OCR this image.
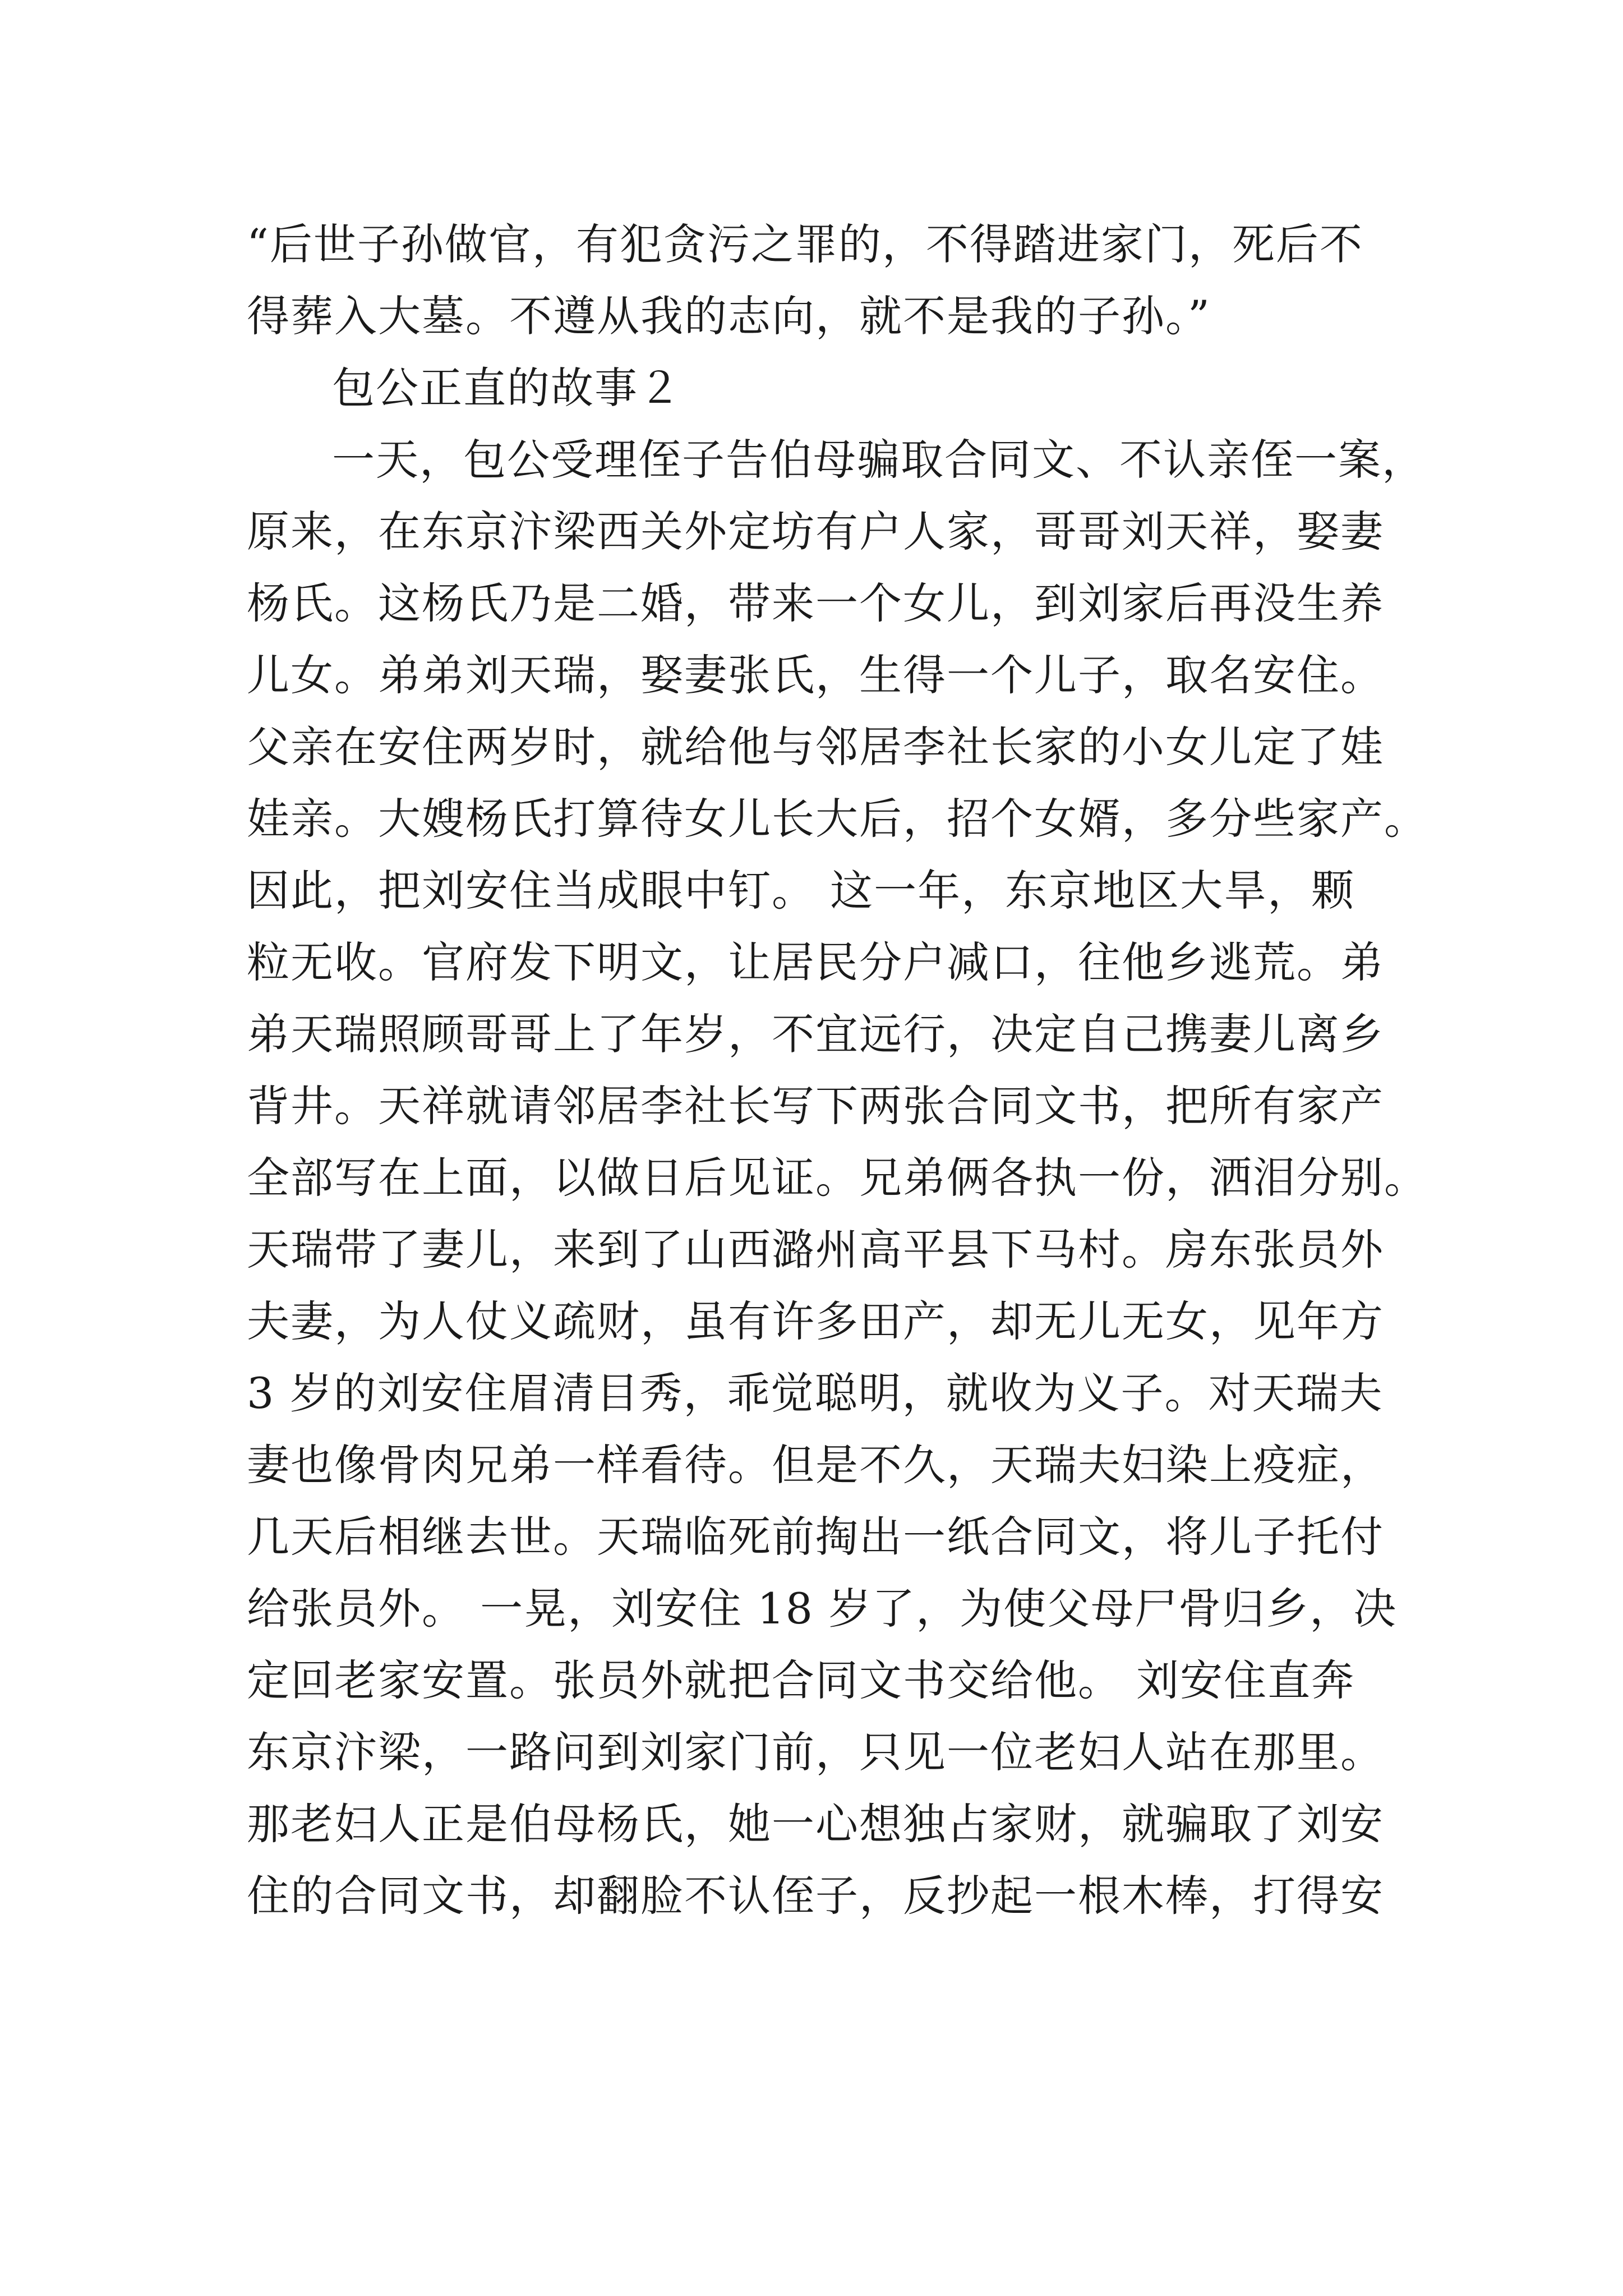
“后世子孙做官，有犯贪污之罪的，不得踏进家门，死后不
得葬入大墓。不遵从我的志向，就不是我的子孙。”
包公正直的故事２
一天，包公受理侄子告伯母骗取合同文、不认亲侄一案，
原来，在东京汴梁西关外定坊有户人家，哥哥刘天祥，娶妻
杨氏。这杨氏乃是二婚，带来一个女儿，到刘家后再没生养
儿女。弟弟刘天瑞，娶妻张氏，生得一个儿子，取名安住。
父亲在安住两岁时，就给他与邻居李社长家的小女儿定了娃
娃亲。大嫂杨氏打算待女儿长大后，招个女婿，多分些家产。
因此，把刘安住当成眼中钉。 这一年，东京地区大旱，颗
粒无收。官府发下明文，让居民分户减口，往他乡逃荒。弟
弟天瑞照顾哥哥上了年岁，不宜远行，决定自己携妻儿离乡
背井。天祥就请邻居李社长写下两张合同文书，把所有家产
全部写在上面，以做日后见证。兄弟俩各执一份，洒泪分别。
天瑞带了妻儿，来到了山西潞州高平县下马村。房东张员外
夫妻，为人仗义疏财，虽有许多田产，却无儿无女，见年方
3 岁的刘安住眉清目秀，乖觉聪明，就收为义子。对天瑞夫
妻也像骨肉兄弟一样看待。但是不久，天瑞夫妇染上疫症，
几天后相继去世。天瑞临死前掏出一纸合同文，将儿子托付
给张员外。 一晃，刘安住 18 岁了，为使父母尸骨归乡，决
定回老家安置。张员外就把合同文书交给他。 刘安住直奔
东京汴梁，一路问到刘家门前，只见一位老妇人站在那里。
那老妇人正是伯母杨氏，她一心想独占家财，就骗取了刘安
住的合同文书，却翻脸不认侄子，反抄起一根木棒，打得安
